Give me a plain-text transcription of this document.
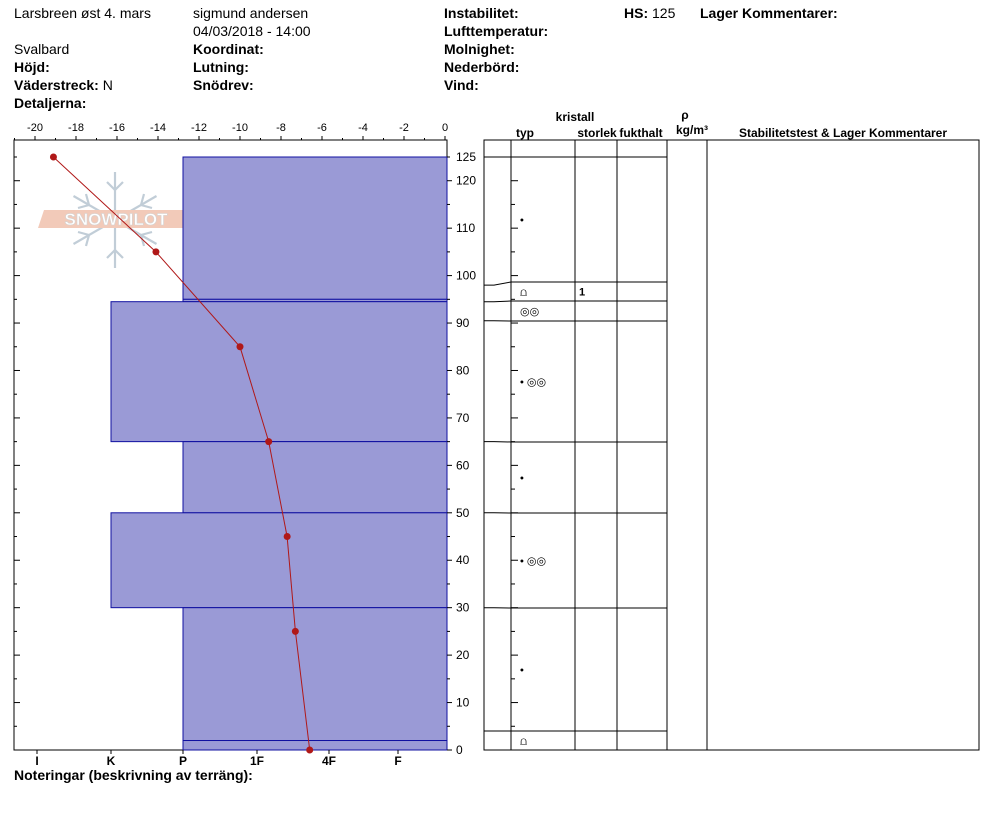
Larsbreen øst 4. mars
Svalbard
Höjd:
Väderstreck: N
Detaljerna:
sigmund andersen
04/03/2018 - 14:00
Koordinat:
Lutning:
Snödrev:
Instabilitet:
Lufttemperatur:
Molnighet:
Nederbörd:
Vind:
HS: 125 Lager Kommentarer:
Noteringar (beskrivning av terräng):
SNOWPILOT
-20 -18 -16 -14 -12 -10	-8	-6	-4	-2	0
I	K	P	1F	4F	F
0
10
20
30
40
50
60
70
80
90
100
110
120
125
•
⩍	1
◎◎
• ◎◎
•
• ◎◎
•
⩍
kristall
typ	storlek fukthalt
ρ
kg/m³	Stabilitetstest & Lager Kommentarer
